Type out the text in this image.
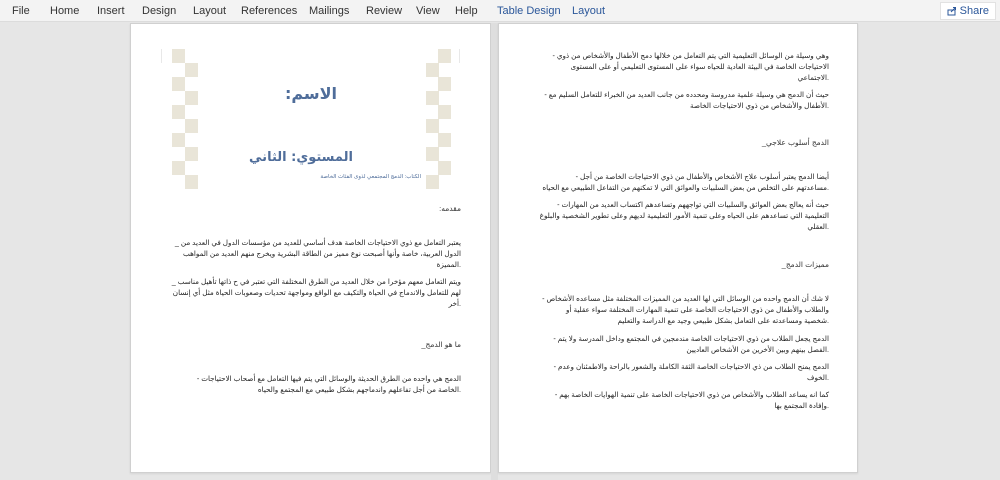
File Home Insert Design Layout References Mailings Review View Help Table Design Layout	Share
الاسم:
المستوي: الثاني
الكتاب: الدمج المجتمعي لذوى الفئات الخاصة
مقدمه:
يعتبر التعامل مع ذوي الاحتياجات الخاصة هدف أساسي للعديد من مؤسسات الدول في العديد من _
الدول العربية، خاصة وأنها أصبحت نوع مميز من الطاقة البشرية ويخرج منهم العديد من المواهب
.المميزة
ويتم التعامل معهم مؤخرا من خلال العديد من الطرق المختلفة التي تعتبر في ح ذاتها تأهيل مناسب _
لهم للتعامل والاندماج في الحياة والتكيف مع الواقع ومواجهة تحديات وصعوبات الحياة مثل أي إنسان
.أخر
ما هو الدمج_
الدمج هي واحده من الطرق الحديثة والوسائل التي يتم فيها التعامل مع أصحاب الاحتياجات -
.الخاصة من أجل تفاعلهم واندماجهم بشكل طبيعي مع المجتمع والحياه
وهي وسيلة من الوسائل التعليمية التي يتم التعامل من خلالها دمج الأطفال والأشخاص من ذوي -
الاحتياجات الخاصة في البيئة العادية للحياه سواء على المستوى التعليمي أو على المستوى
.الاجتماعي
حيث أن الدمج هي وسيلة علمية مدروسة ومحدده من جانب العديد من الخبراء للتعامل السليم مع -
.الأطفال والأشخاص من ذوي الاحتياجات الخاصة
الدمج أسلوب علاجي_
أيضا الدمج يعتبر أسلوب علاج الأشخاص والأطفال من ذوي الاحتياجات الخاصة من أجل -
.مساعدتهم على التخلص من بعض السلبيات والعوائق التي لا تمكنهم من التفاعل الطبيعي مع الحياه
حيث أنه يعالج بعض العوائق والسلبيات التي تواجههم وتساعدهم اكتساب العديد من المهارات -
التعليمية التي تساعدهم على الحياه وعلى تنمية الأمور التعليمية لديهم وعلى تطوير الشخصية والبلوغ
.العقلي
مميزات الدمج_
لا شك أن الدمج واحده من الوسائل التي لها العديد من المميزات المختلفة مثل مساعده الأشخاص -
والطلاب والأطفال من ذوي الاحتياجات الخاصة على تنمية المهارات المختلفة سواء عقلية أو
.شخصية ومساعدته على التعامل بشكل طبيعي وجيد مع الدراسة والتعليم
الدمج يجعل الطلاب من ذوي الاحتياجات الخاصة مندمجين في المجتمع وداخل المدرسة ولا يتم -
.الفصل بينهم وبين الأخرين من الأشخاص العاديين
الدمج يمنح الطلاب من ذي الاحتياجات الخاصة الثقة الكاملة والشعور بالراحة والاطمئنان وعدم -
.الخوف
كما انه يساعد الطلاب والأشخاص من ذوي الاحتياجات الخاصة على تنمية الهوايات الخاصة بهم -
.وإفادة المجتمع بها
